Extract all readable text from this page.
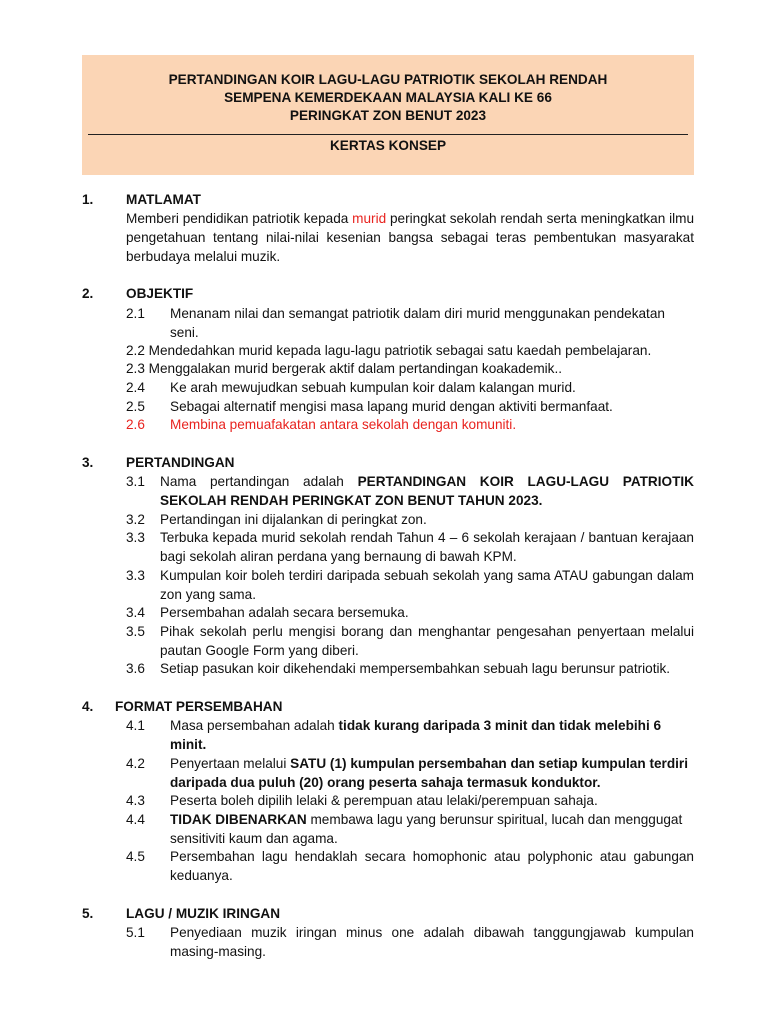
PERTANDINGAN KOIR LAGU-LAGU PATRIOTIK SEKOLAH RENDAH
SEMPENA KEMERDEKAAN MALAYSIA KALI KE 66
PERINGKAT ZON BENUT 2023
KERTAS KONSEP
1. MATLAMAT
Memberi pendidikan patriotik kepada murid peringkat sekolah rendah serta meningkatkan ilmu pengetahuan tentang nilai-nilai kesenian bangsa sebagai teras pembentukan masyarakat berbudaya melalui muzik.
2. OBJEKTIF
2.1 Menanam nilai dan semangat patriotik dalam diri murid menggunakan pendekatan seni.
2.2 Mendedahkan murid kepada lagu-lagu patriotik sebagai satu kaedah pembelajaran.
2.3 Menggalakan murid bergerak aktif dalam pertandingan koakademik..
2.4 Ke arah mewujudkan sebuah kumpulan koir dalam kalangan murid.
2.5 Sebagai alternatif mengisi masa lapang murid dengan aktiviti bermanfaat.
2.6 Membina pemuafakatan antara sekolah dengan komuniti.
3. PERTANDINGAN
3.1 Nama pertandingan adalah PERTANDINGAN KOIR LAGU-LAGU PATRIOTIK SEKOLAH RENDAH PERINGKAT ZON BENUT TAHUN 2023.
3.2 Pertandingan ini dijalankan di peringkat zon.
3.3 Terbuka kepada murid sekolah rendah Tahun 4 – 6 sekolah kerajaan / bantuan kerajaan bagi sekolah aliran perdana yang bernaung di bawah KPM.
3.3 Kumpulan koir boleh terdiri daripada sebuah sekolah yang sama ATAU gabungan dalam zon yang sama.
3.4 Persembahan adalah secara bersemuka.
3.5 Pihak sekolah perlu mengisi borang dan menghantar pengesahan penyertaan melalui pautan Google Form yang diberi.
3.6 Setiap pasukan koir dikehendaki mempersembahkan sebuah lagu berunsur patriotik.
4. FORMAT PERSEMBAHAN
4.1 Masa persembahan adalah tidak kurang daripada 3 minit dan tidak melebihi 6 minit.
4.2 Penyertaan melalui SATU (1) kumpulan persembahan dan setiap kumpulan terdiri daripada dua puluh (20) orang peserta sahaja termasuk konduktor.
4.3 Peserta boleh dipilih lelaki & perempuan atau lelaki/perempuan sahaja.
4.4 TIDAK DIBENARKAN membawa lagu yang berunsur spiritual, lucah dan menggugat sensitiviti kaum dan agama.
4.5 Persembahan lagu hendaklah secara homophonic atau polyphonic atau gabungan keduanya.
5. LAGU / MUZIK IRINGAN
5.1 Penyediaan muzik iringan minus one adalah dibawah tanggungjawab kumpulan masing-masing.
